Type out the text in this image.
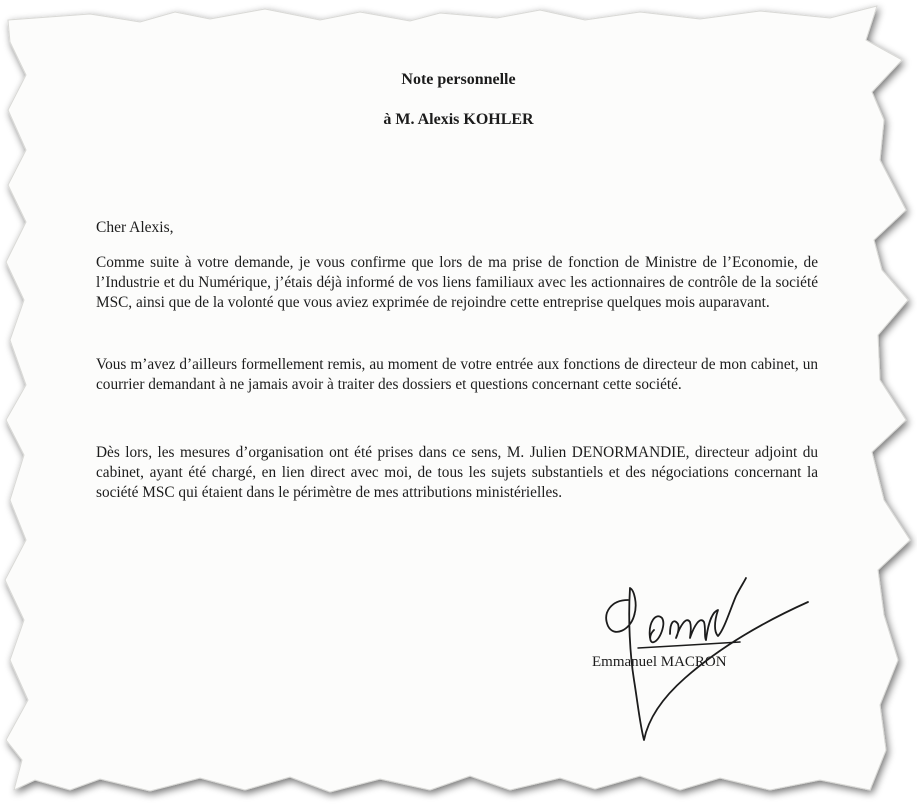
Note personnelle
à M. Alexis KOHLER
Cher Alexis,

Comme suite à votre demande, je vous confirme que lors de ma prise de fonction de Ministre de l’Economie, de l’Industrie et du Numérique, j’étais déjà informé de vos liens familiaux avec les actionnaires de contrôle de la société MSC, ainsi que de la volonté que vous aviez exprimée de rejoindre cette entreprise quelques mois auparavant.

Vous m’avez d’ailleurs formellement remis, au moment de votre entrée aux fonctions de directeur de mon cabinet, un courrier demandant à ne jamais avoir à traiter des dossiers et questions concernant cette société.

Dès lors, les mesures d’organisation ont été prises dans ce sens, M. Julien DENORMANDIE, directeur adjoint du cabinet, ayant été chargé, en lien direct avec moi, de tous les sujets substantiels et des négociations concernant la société MSC qui étaient dans le périmètre de mes attributions ministérielles.

Emmanuel MACRON
